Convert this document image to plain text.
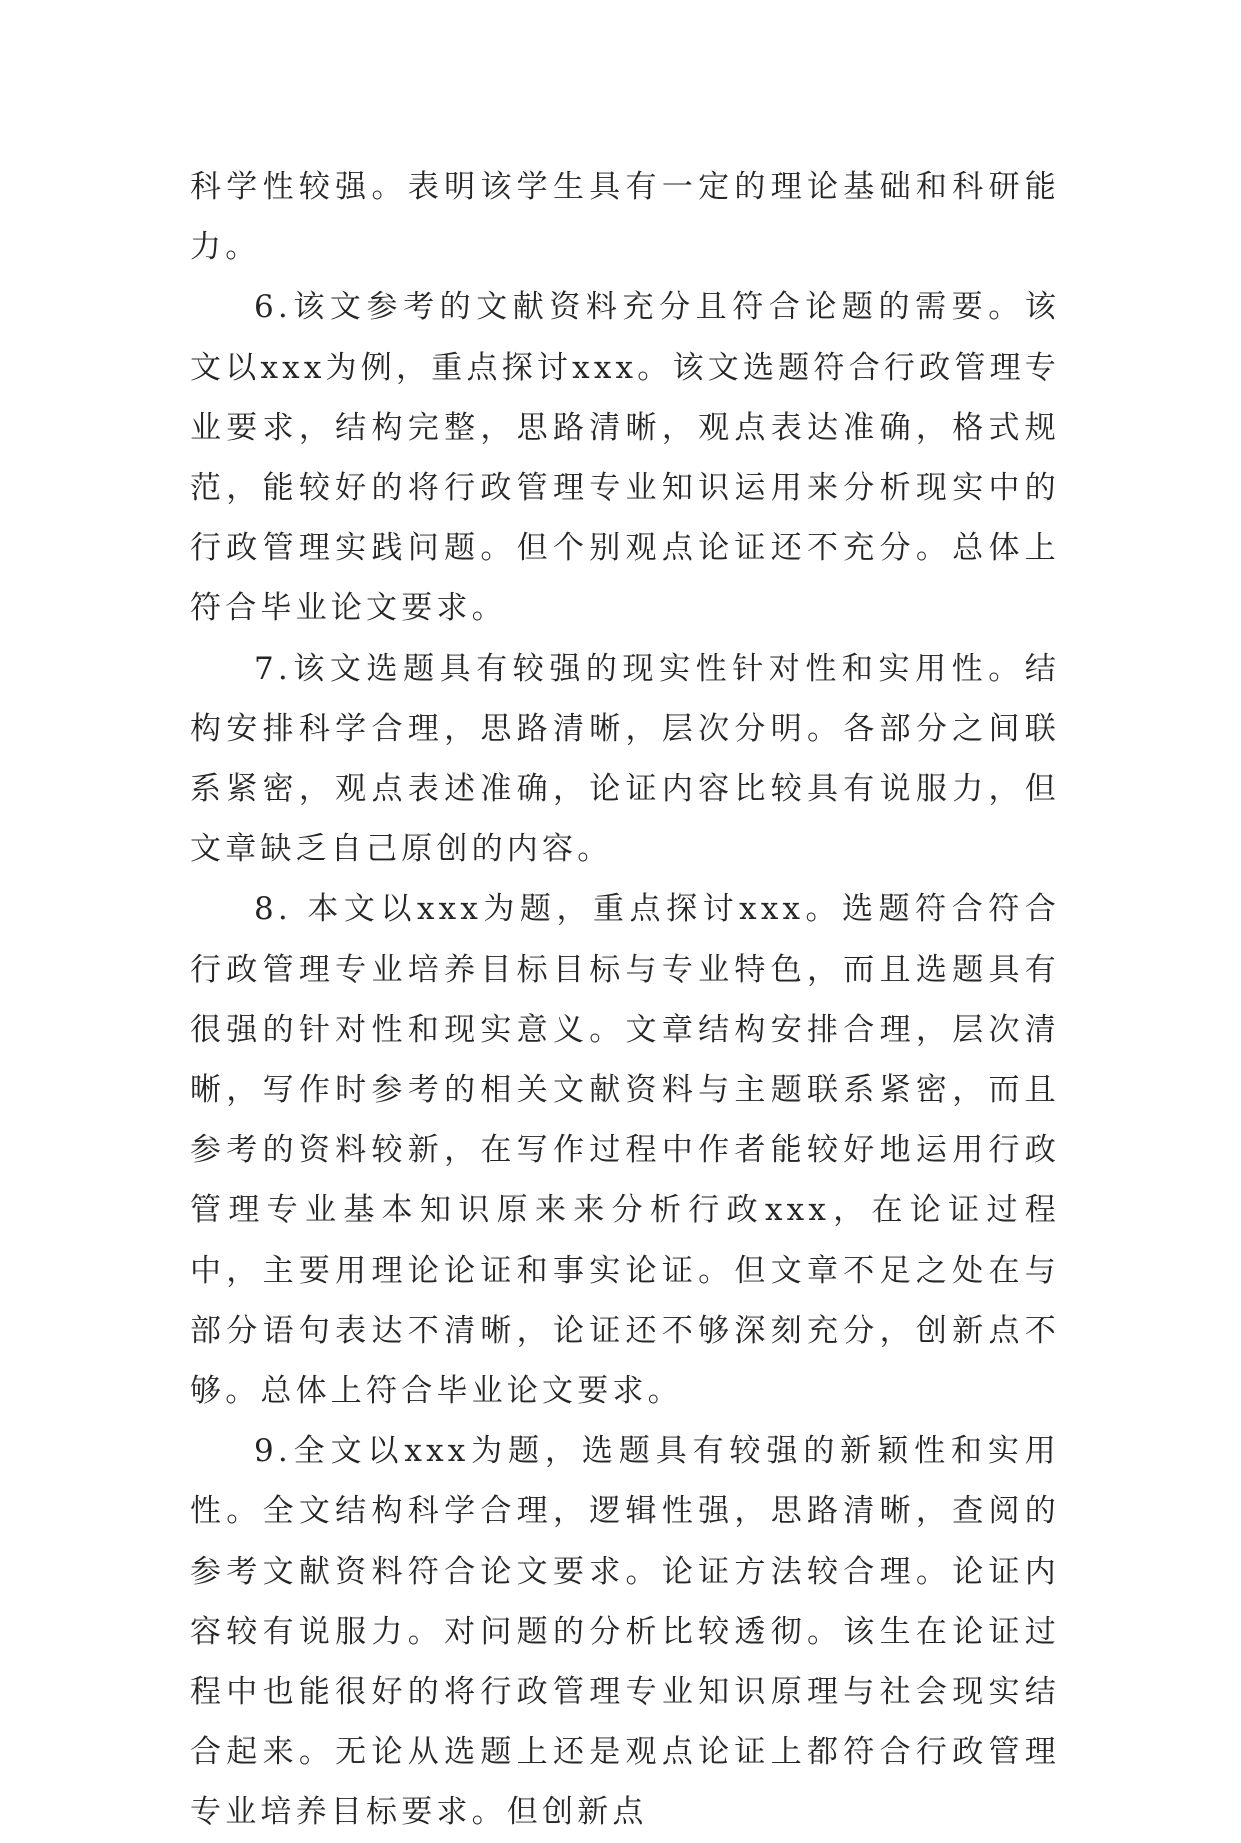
科学性较强。表明该学生具有一定的理论基础和科研能力。

6.该文参考的文献资料充分且符合论题的需要。该文以xxx为例，重点探讨xxx。该文选题符合行政管理专业要求，结构完整，思路清晰，观点表达准确，格式规范，能较好的将行政管理专业知识运用来分析现实中的行政管理实践问题。但个别观点论证还不充分。总体上符合毕业论文要求。

7.该文选题具有较强的现实性针对性和实用性。结构安排科学合理，思路清晰，层次分明。各部分之间联系紧密，观点表述准确，论证内容比较具有说服力，但文章缺乏自己原创的内容。

8. 本文以xxx为题，重点探讨xxx。选题符合符合行政管理专业培养目标目标与专业特色，而且选题具有很强的针对性和现实意义。文章结构安排合理，层次清晰，写作时参考的相关文献资料与主题联系紧密，而且参考的资料较新，在写作过程中作者能较好地运用行政管理专业基本知识原来来分析行政xxx，在论证过程中，主要用理论论证和事实论证。但文章不足之处在与部分语句表达不清晰，论证还不够深刻充分，创新点不够。总体上符合毕业论文要求。

9.全文以xxx为题，选题具有较强的新颖性和实用性。全文结构科学合理，逻辑性强，思路清晰，查阅的参考文献资料符合论文要求。论证方法较合理。论证内容较有说服力。对问题的分析比较透彻。该生在论证过程中也能很好的将行政管理专业知识原理与社会现实结合起来。无论从选题上还是观点论证上都符合行政管理专业培养目标要求。但创新点
